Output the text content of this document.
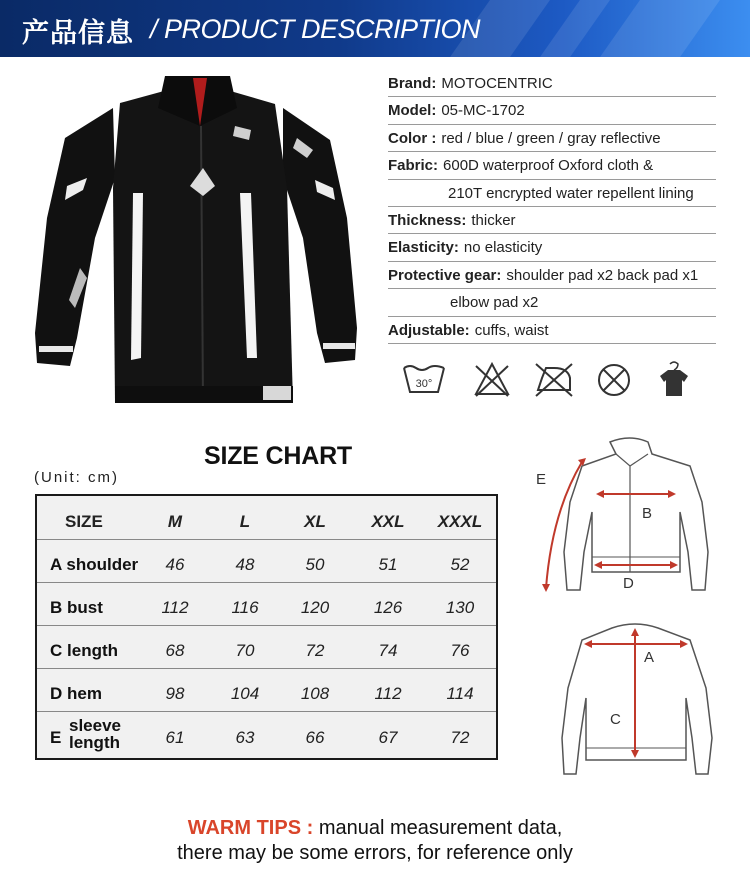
产品信息 / PRODUCT DESCRIPTION
Brand: MOTOCENTRIC
Model: 05-MC-1702
Color : red / blue / green / gray reflective
Fabric: 600D waterproof Oxford cloth &
210T encrypted water repellent lining
Thickness: thicker
Elasticity: no elasticity
Protective gear: shoulder pad x2 back pad x1
elbow pad x2
Adjustable: cuffs, waist
30°
SIZE CHART
(Unit: cm)
SIZE	M	L	XL	XXL	XXXL
A shoulder	46	48	50	51	52
B bust	112	116	120	126	130
C length	68	70	72	74	76
D hem	98	104	108	112	114
E
sleeve
length	61	63	66	67	72
E
B
D
A
C
WARM TIPS : manual measurement data,
there may be some errors, for reference only
